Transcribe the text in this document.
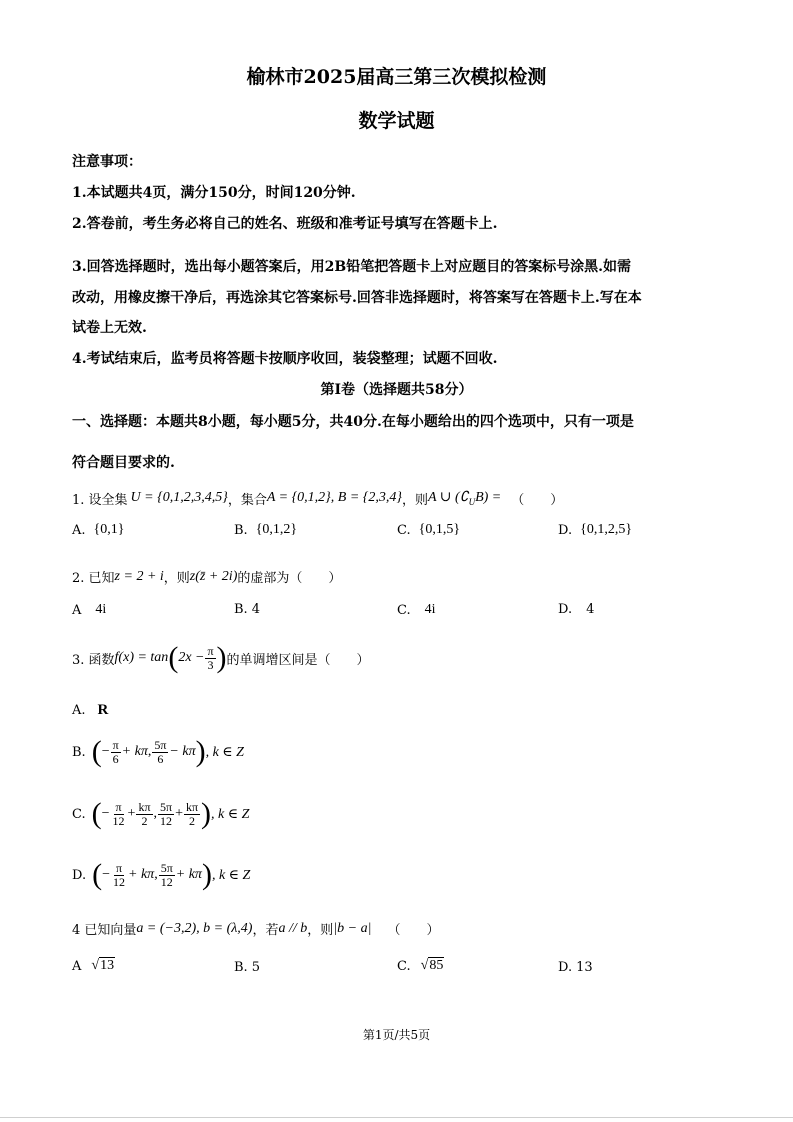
榆林市2025届高三第三次模拟检测
数学试题
注意事项：
1.本试题共4页，满分150分，时间120分钟.
2.答卷前，考生务必将自己的姓名、班级和准考证号填写在答题卡上.
3.回答选择题时，选出每小题答案后，用2B铅笔把答题卡上对应题目的答案标号涂黑.如需
改动，用橡皮擦干净后，再选涂其它答案标号.回答非选择题时，将答案写在答题卡上.写在本
试卷上无效.
4.考试结束后，监考员将答题卡按顺序收回，装袋整理；试题不回收.
第I卷（选择题共58分）
一、选择题：本题共8小题，每小题5分，共40分.在每小题给出的四个选项中，只有一项是
符合题目要求的.
1. 设全集 U = {0,1,2,3,4,5} ，集合 A = {0,1,2}, B = {2,3,4} ，则 A ∪ $(∁_UB)$ = （　　）
A. {0,1}	B. {0,1,2}	C. {0,1,5}	D. {0,1,2,5}
2. 已知 z = 2 + i ，则 z(z̄ + 2i) 的虚部为（　　）
A 4i	B. 4	C. 4i	D. 4
3. 函数 f(x) = tan ( $2x - \frac{\pi}{3}$ ) 的单调增区间是（　　）
A. R
B. ( − $\frac{\pi}{6} + k\pi$ , $\frac{5\pi}{6} - k\pi$ ) , k ∈ Z
C. ( − $\frac{\pi}{12} + \frac{k\pi}{2}$ , $\frac{5\pi}{12} + \frac{k\pi}{2}$ ) , k ∈ Z
D. ( − $\frac{\pi}{12} + k\pi$ , $\frac{5\pi}{12} + k\pi$ ) , k ∈ Z
4 已知向量 a = (−3,2), b = (λ,4) ，若 a // b ，则 |b − a| （　　）
A √13	B. 5	C. √85	D. 13
第1页/共5页
